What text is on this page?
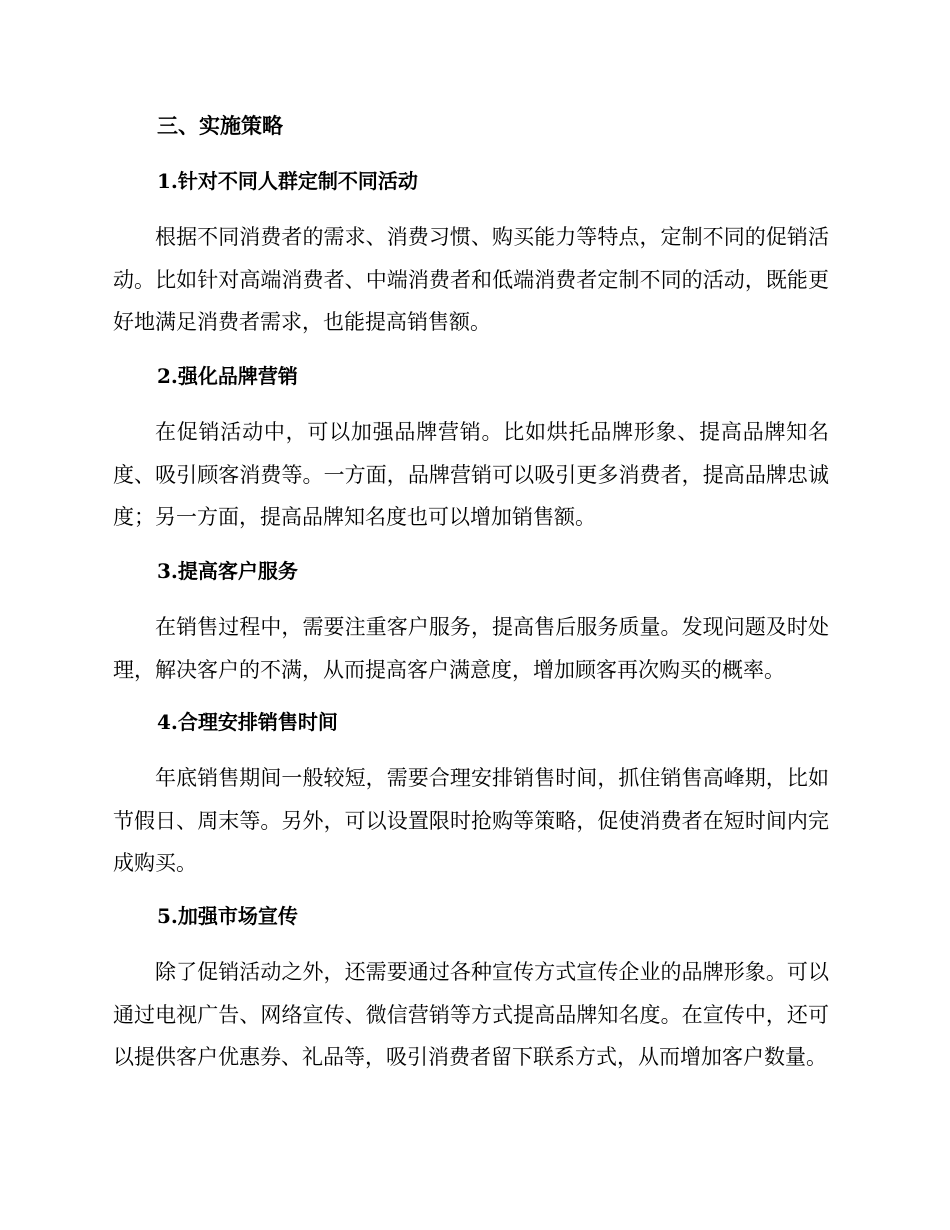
三、实施策略
1.针对不同人群定制不同活动

根据不同消费者的需求、消费习惯、购买能力等特点，定制不同的促销活动。比如针对高端消费者、中端消费者和低端消费者定制不同的活动，既能更好地满足消费者需求，也能提高销售额。

2.强化品牌营销

在促销活动中，可以加强品牌营销。比如烘托品牌形象、提高品牌知名度、吸引顾客消费等。一方面，品牌营销可以吸引更多消费者，提高品牌忠诚度；另一方面，提高品牌知名度也可以增加销售额。

3.提高客户服务

在销售过程中，需要注重客户服务，提高售后服务质量。发现问题及时处理，解决客户的不满，从而提高客户满意度，增加顾客再次购买的概率。

4.合理安排销售时间

年底销售期间一般较短，需要合理安排销售时间，抓住销售高峰期，比如节假日、周末等。另外，可以设置限时抢购等策略，促使消费者在短时间内完成购买。

5.加强市场宣传

除了促销活动之外，还需要通过各种宣传方式宣传企业的品牌形象。可以通过电视广告、网络宣传、微信营销等方式提高品牌知名度。在宣传中，还可以提供客户优惠券、礼品等，吸引消费者留下联系方式，从而增加客户数量。
